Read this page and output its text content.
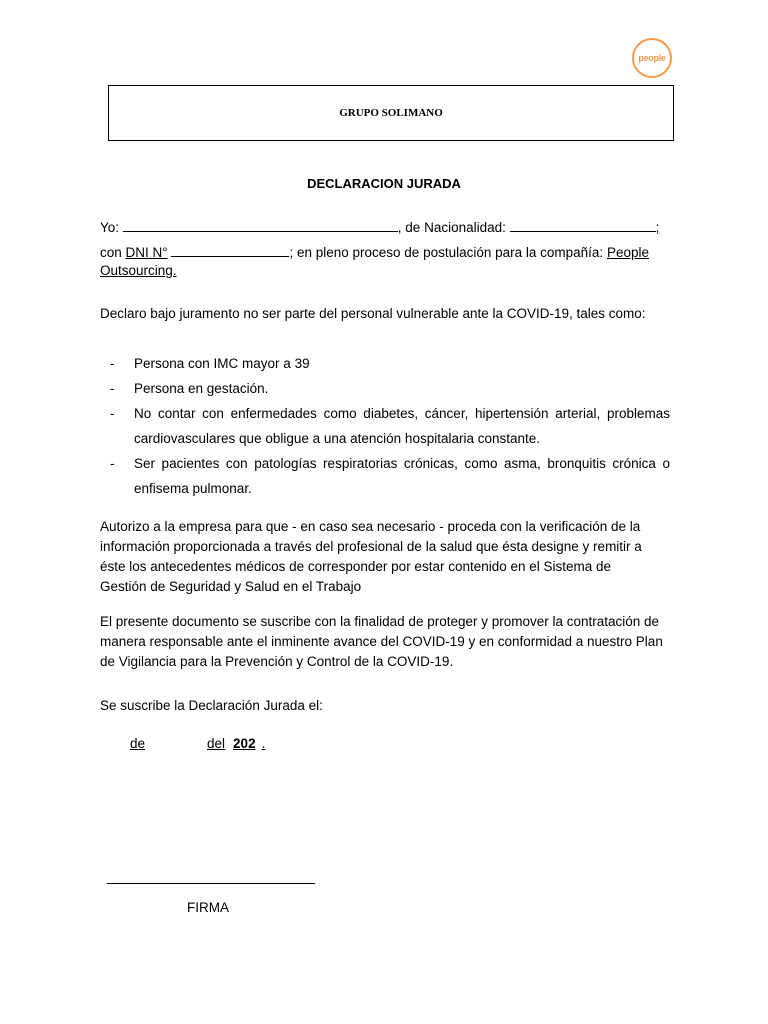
people
GRUPO SOLIMANO
DECLARACION JURADA
Yo:	, de Nacionalidad:	;
con DNI N°	; en pleno proceso de postulación para la compañía: People
Outsourcing.
Declaro bajo juramento no ser parte del personal vulnerable ante la COVID-19, tales como:
-	Persona con IMC mayor a 39
-	Persona en gestación.
-	No contar con enfermedades como diabetes, cáncer, hipertensión arterial, problemas cardiovasculares que obligue a una atención hospitalaria constante.
-	Ser pacientes con patologías respiratorias crónicas, como asma, bronquitis crónica o enfisema pulmonar.
Autorizo a la empresa para que - en caso sea necesario - proceda con la verificación de la
información proporcionada a través del profesional de la salud que ésta designe y remitir a
éste los antecedentes médicos de corresponder por estar contenido en el Sistema de
Gestión de Seguridad y Salud en el Trabajo
El presente documento se suscribe con la finalidad de proteger y promover la contratación de
manera responsable ante el inminente avance del COVID-19 y en conformidad a nuestro Plan
de Vigilancia para la Prevención y Control de la COVID-19.
Se suscribe la Declaración Jurada el:
de	del 202 .
FIRMA
